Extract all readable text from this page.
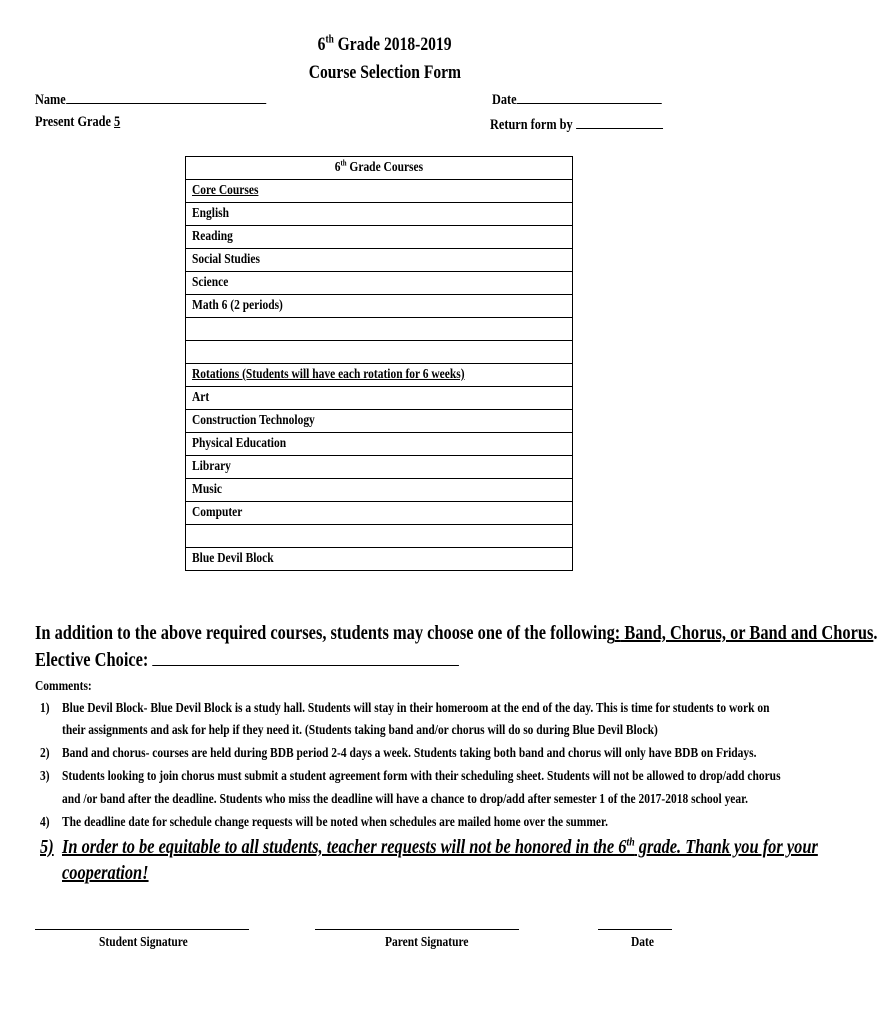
6th Grade 2018-2019
Course Selection Form
Name	Date
Present Grade 5	Return form by
6th Grade Courses
Core Courses
English
Reading
Social Studies
Science
Math 6 (2 periods)

Rotations (Students will have each rotation for 6 weeks)
Art
Construction Technology
Physical Education
Library
Music
Computer

Blue Devil Block
In addition to the above required courses, students may choose one of the following: Band, Chorus, or Band and Chorus
Elective Choice:
Comments:
1) Blue Devil Block- Blue Devil Block is a study hall. Students will stay in their homeroom at the end of the day. This is time for students to work on
their assignments and ask for help if they need it. (Students taking band and/or chorus will do so during Blue Devil Block)
2) Band and chorus- courses are held during BDB period 2-4 days a week. Students taking both band and chorus will only have BDB on Fridays.
3) Students looking to join chorus must submit a student agreement form with their scheduling sheet. Students will not be allowed to drop/add chorus
and /or band after the deadline. Students who miss the deadline will have a chance to drop/add after semester 1 of the 2017-2018 school year.
4) The deadline date for schedule change requests will be noted when schedules are mailed home over the summer.
5) In order to be equitable to all students, teacher requests will not be honored in the 6th grade. Thank you for your
cooperation!
Student Signature	Parent Signature	Date
